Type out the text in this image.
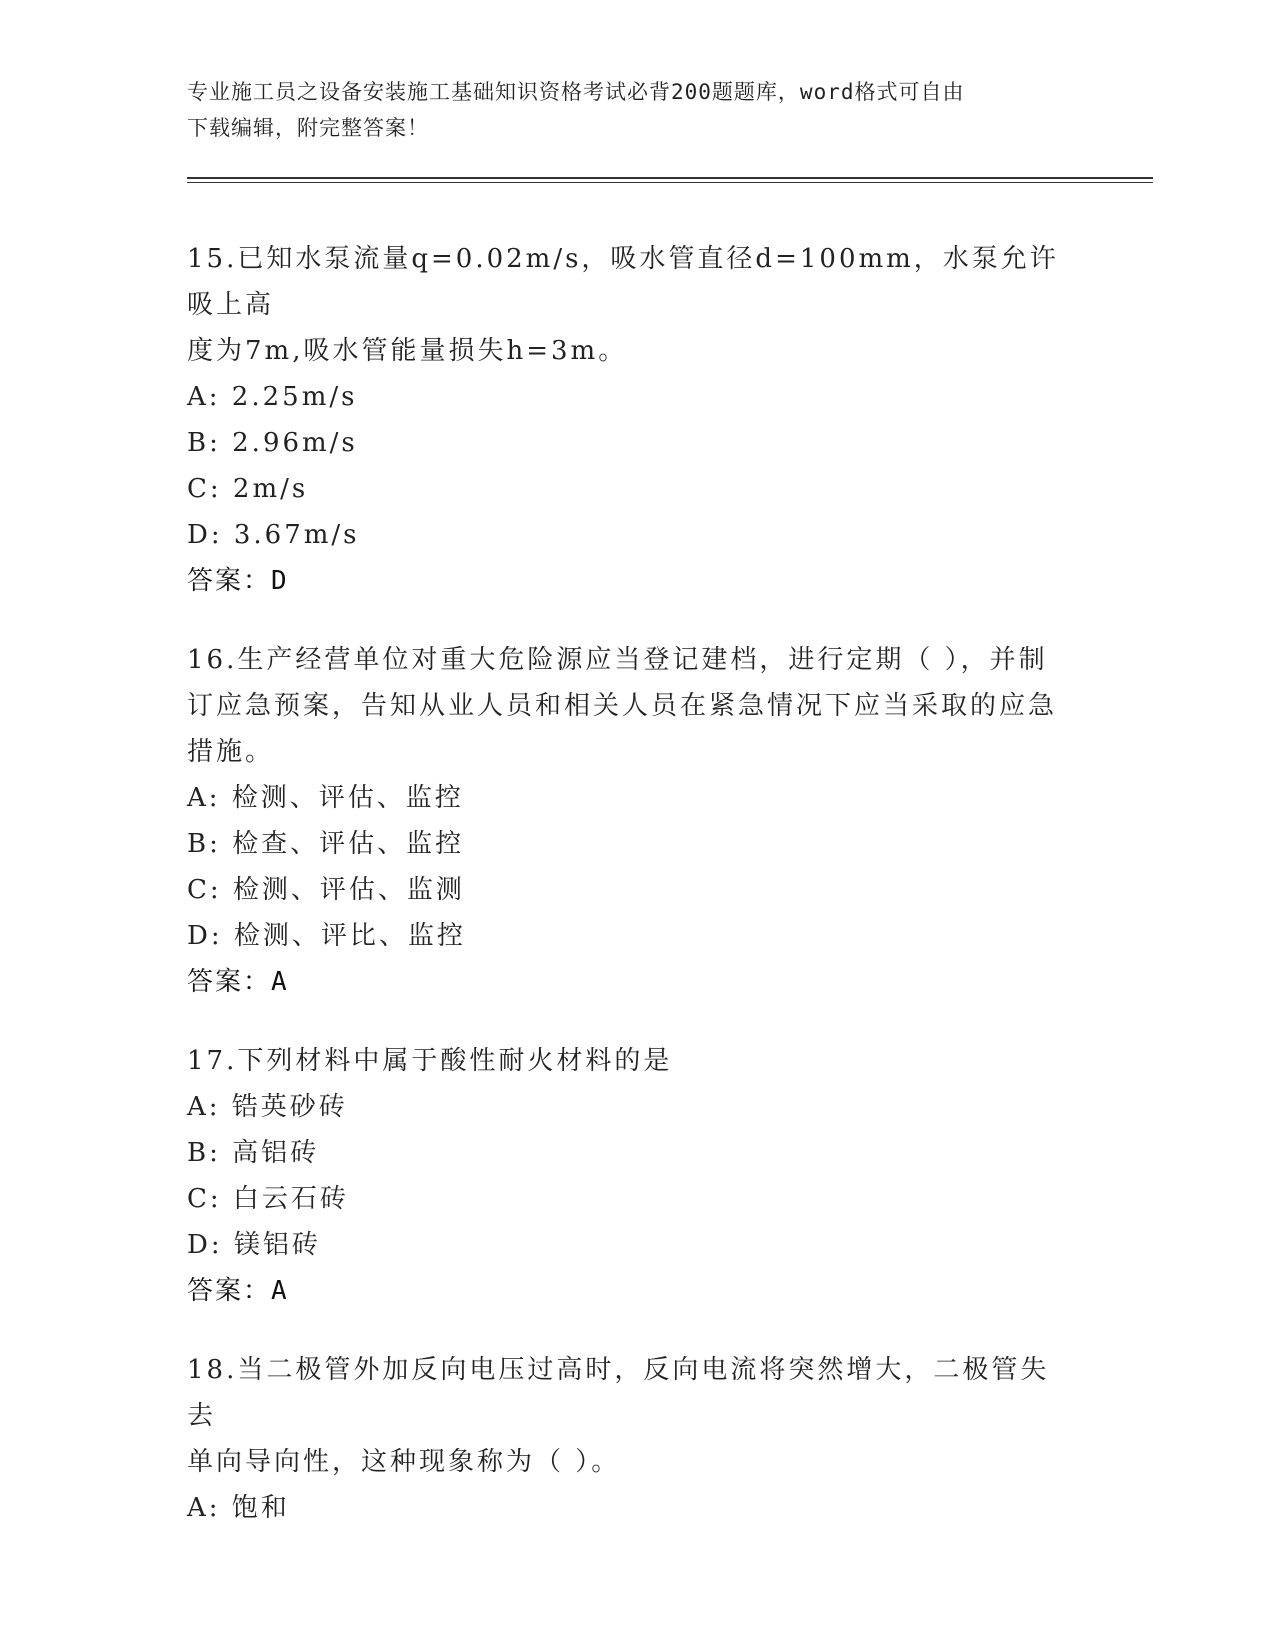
专业施工员之设备安装施工基础知识资格考试必背200题题库，word格式可自由
下载编辑，附完整答案！
15.已知水泵流量q=0.02m/s，吸水管直径d=100mm，水泵允许吸上高
度为7m,吸水管能量损失h=3m。
A: 2.25m/s
B: 2.96m/s
C: 2m/s
D: 3.67m/s
答案：D
16.生产经营单位对重大危险源应当登记建档，进行定期（ ），并制
订应急预案，告知从业人员和相关人员在紧急情况下应当采取的应急
措施。
A: 检测、评估、监控
B: 检查、评估、监控
C: 检测、评估、监测
D: 检测、评比、监控
答案：A
17.下列材料中属于酸性耐火材料的是
A: 锆英砂砖
B: 高铝砖
C: 白云石砖
D: 镁铝砖
答案：A
18.当二极管外加反向电压过高时，反向电流将突然增大，二极管失去
单向导向性，这种现象称为（ ）。
A: 饱和
